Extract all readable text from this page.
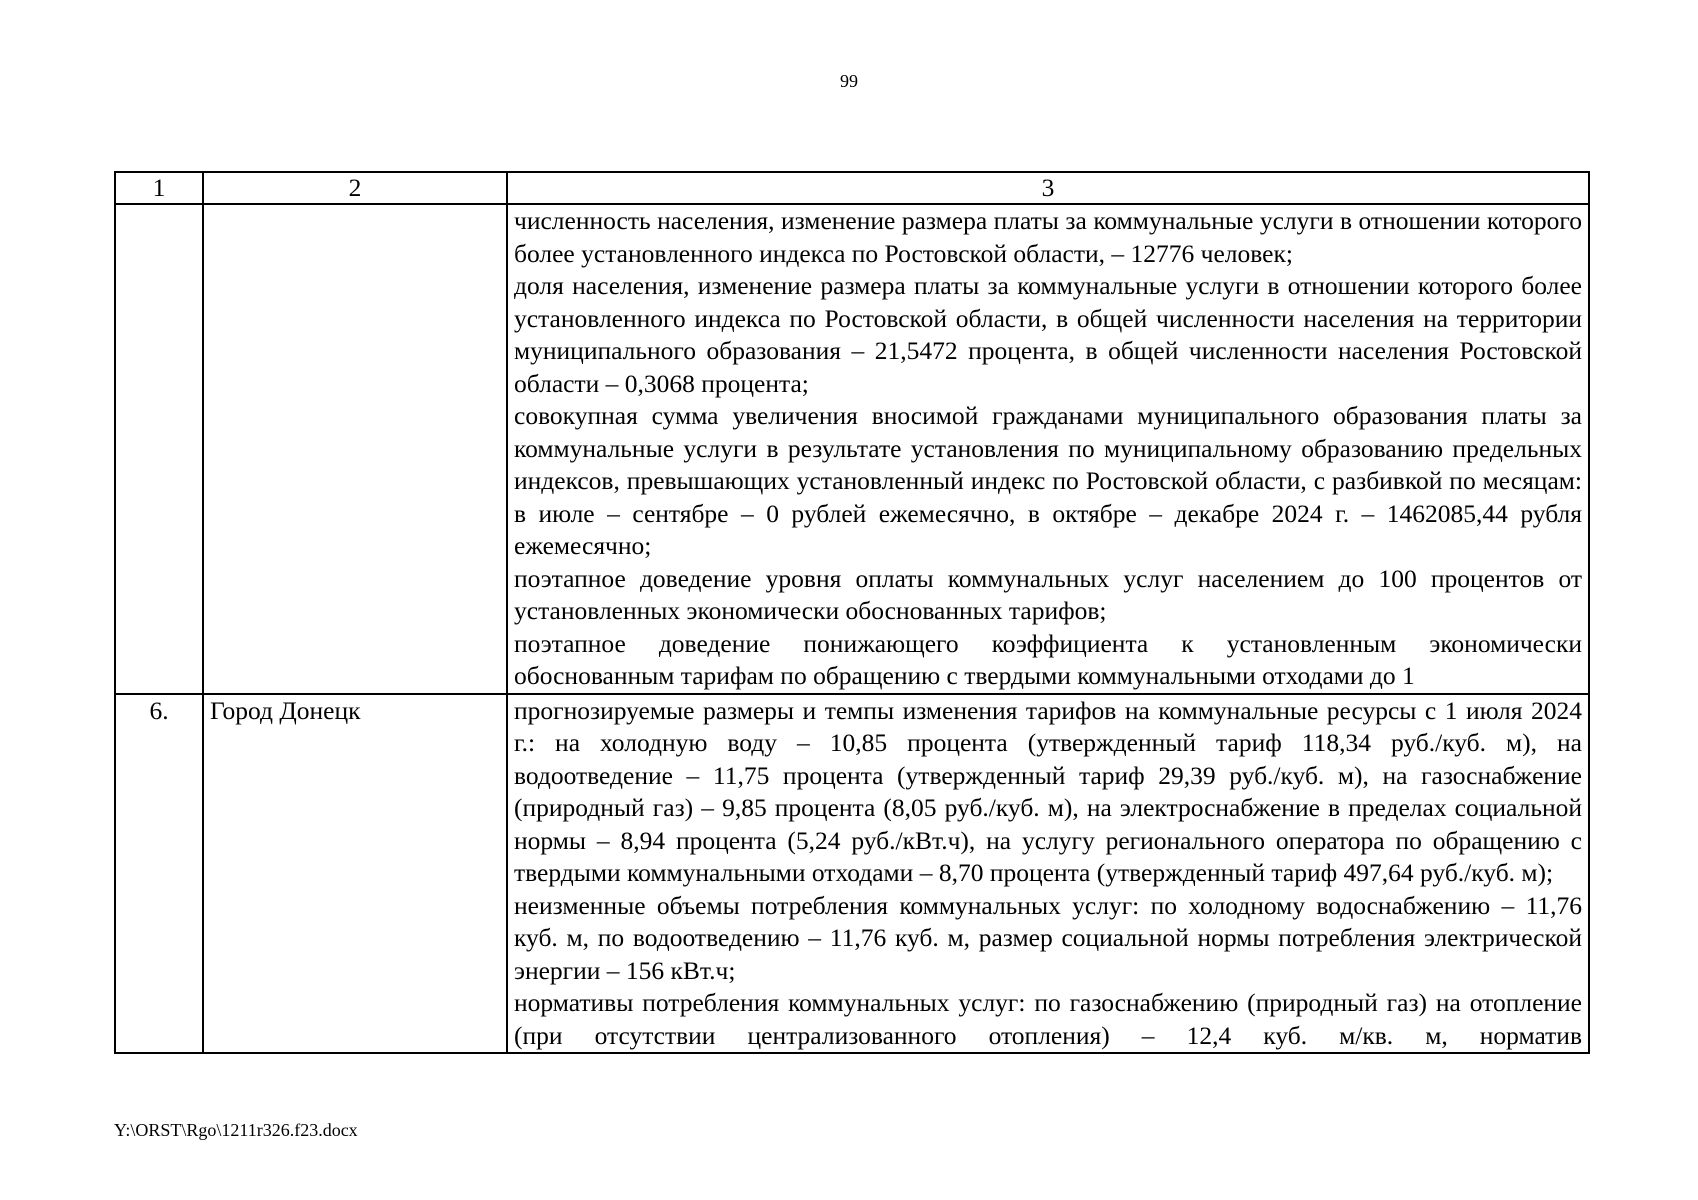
99
1	2	3

		численность населения, изменение размера платы за коммунальные услуги в отношении которого более установленного индекса по Ростовской области, – 12776 человек;

доля населения, изменение размера платы за коммунальные услуги в отношении которого более установленного индекса по Ростовской области, в общей численности населения на территории муниципального образования – 21,5472 процента, в общей численности населения Ростовской области – 0,3068 процента;

совокупная сумма увеличения вносимой гражданами муниципального образования платы за коммунальные услуги в результате установления по муниципальному образованию предельных индексов, превышающих установленный индекс по Ростовской области, с разбивкой по месяцам: в июле – сентябре – 0 рублей ежемесячно, в октябре – декабре 2024 г. – 1462085,44 рубля ежемесячно;

поэтапное доведение уровня оплаты коммунальных услуг населением до 100 процентов от установленных экономически обоснованных тарифов;

поэтапное доведение понижающего коэффициента к установленным экономически обоснованным тарифам по обращению с твердыми коммунальными отходами до 1

6.	Город Донецк	прогнозируемые размеры и темпы изменения тарифов на коммунальные ресурсы с 1 июля 2024 г.: на холодную воду – 10,85 процента (утвержденный тариф 118,34 руб./куб. м), на водоотведение – 11,75 процента (утвержденный тариф 29,39 руб./куб. м), на газоснабжение (природный газ) – 9,85 процента (8,05 руб./куб. м), на электроснабжение в пределах социальной нормы – 8,94 процента (5,24 руб./кВт.ч), на услугу регионального оператора по обращению с твердыми коммунальными отходами – 8,70 процента (утвержденный тариф 497,64 руб./куб. м);

неизменные объемы потребления коммунальных услуг: по холодному водоснабжению – 11,76 куб. м, по водоотведению – 11,76 куб. м, размер социальной нормы потребления электрической энергии – 156 кВт.ч;

нормативы потребления коммунальных услуг: по газоснабжению (природный газ) на отопление (при отсутствии централизованного отопления) – 12,4 куб. м/кв. м, норматив

Y:\ORST\Rgo\1211r326.f23.docx
